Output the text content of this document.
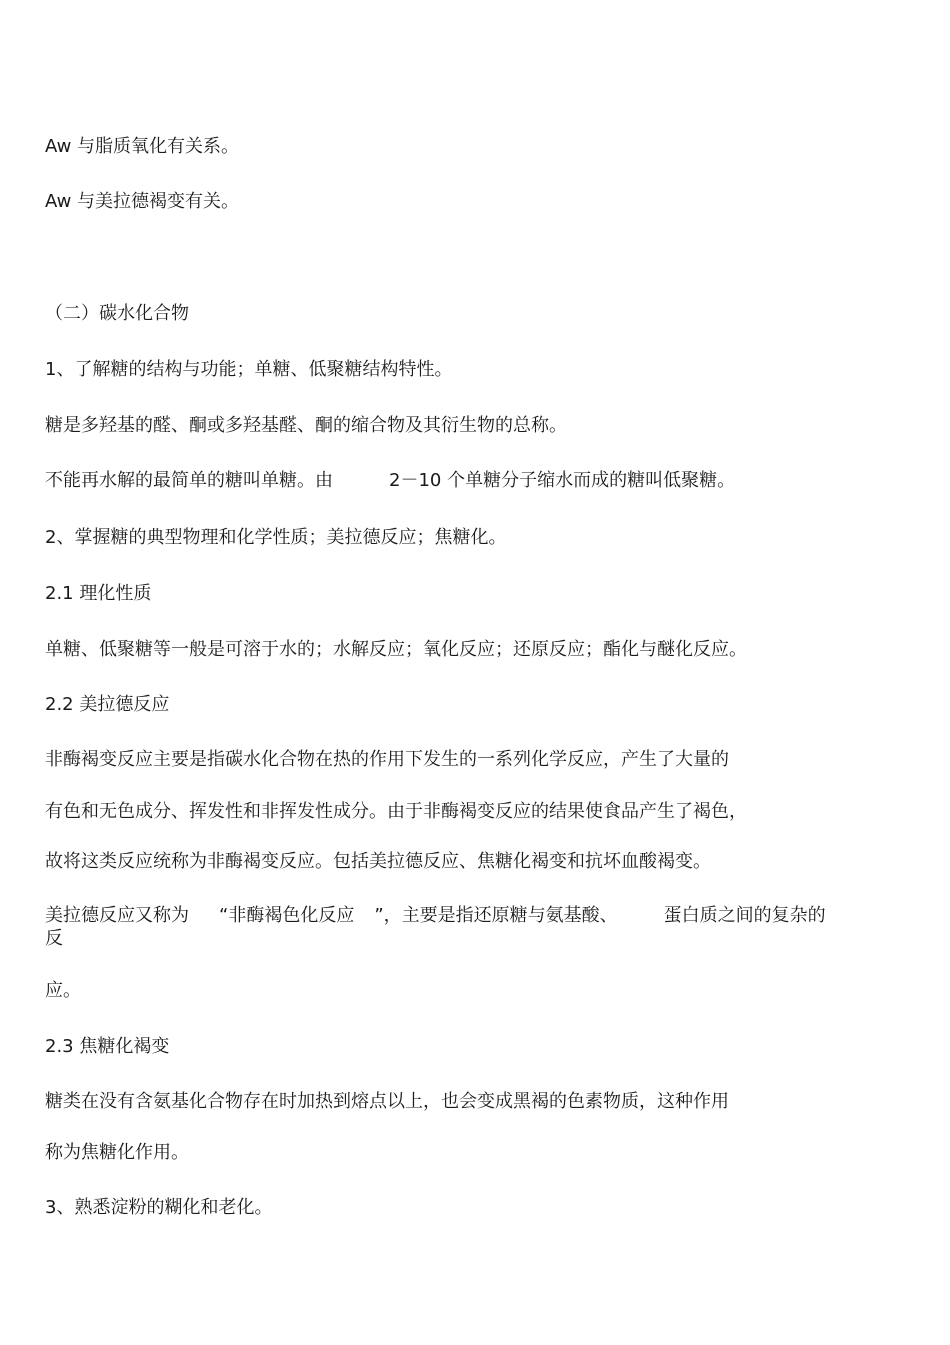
Aw 与脂质氧化有关系。

Aw 与美拉德褐变有关。

（二）碳水化合物

1、了解糖的结构与功能；单糖、低聚糖结构特性。

糖是多羟基的醛、酮或多羟基醛、酮的缩合物及其衍生物的总称。

不能再水解的最简单的糖叫单糖。由	2－10 个单糖分子缩水而成的糖叫低聚糖。

2、掌握糖的典型物理和化学性质；美拉德反应；焦糖化。

2.1 理化性质

单糖、低聚糖等一般是可溶于水的；水解反应；氧化反应；还原反应；酯化与醚化反应。

2.2 美拉德反应

非酶褐变反应主要是指碳水化合物在热的作用下发生的一系列化学反应，产生了大量的

有色和无色成分、挥发性和非挥发性成分。由于非酶褐变反应的结果使食品产生了褐色，

故将这类反应统称为非酶褐变反应。包括美拉德反应、焦糖化褐变和抗坏血酸褐变。

美拉德反应又称为 “非酶褐色化反应 ”，主要是指还原糖与氨基酸、	蛋白质之间的复杂的

反

应。

2.3 焦糖化褐变

糖类在没有含氨基化合物存在时加热到熔点以上，也会变成黑褐的色素物质，这种作用

称为焦糖化作用。

3、熟悉淀粉的糊化和老化。
